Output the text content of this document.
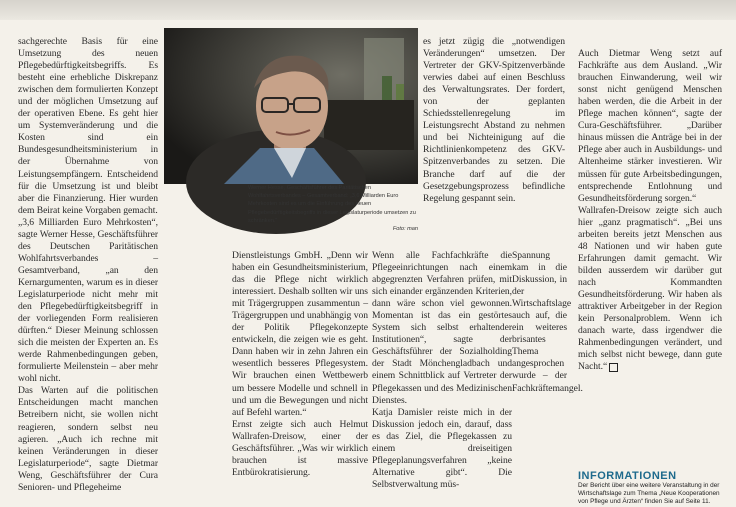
sachgerechte Basis für eine Umsetzung des neuen Pflegebedürftigkeitsbegriffs. Es besteht eine erhebliche Diskrepanz zwischen dem formulierten Konzept und der möglichen Umsetzung auf der operativen Ebene. Es geht hier um Systemveränderung und die Kosten sind ein Bundesgesundheitsministerium in der Übernahme von Leistungsempfängern. Entscheidend für die Umsetzung ist und bleibt aber die Finanzierung. Hier wurden dem Beirat keine Vorgaben gemacht.
„3,6 Milliarden Euro Mehrkosten“, sagte Werner Hesse, Geschäftsführer des Deutschen Paritätischen Wohlfahrtsverbandes – Gesamtverband, „an den Kernargumenten, warum es in dieser Legislaturperiode nicht mehr mit den Pflegebedürftigkeitsbegriff in der vorliegenden Form realisieren dürften.“ Dieser Meinung schlossen sich die meisten der Experten an. Es werde Rahmenbedingungen geben, formulierte Meilenstein – aber mehr wohl nicht.
Das Warten auf die politischen Entscheidungen macht manchen Betreibern nicht, sie wollen nicht reagieren, sondern selbst neu agieren. „Auch ich rechne mit keinen Veränderungen in dieser Legislaturperiode“, sagte Dietmar Weng, Geschäftsführer der Cura Senioren- und Pflegeheime
Werner Hesse, Geschäftsführer des Paritätischen Wohlfahrtsverbandes – Gesamtverband: „3,6 Milliarden Euro Mehrkosten sind es um die Einführung des neuen Pflegebedürftigkeitsbegriffs in dieser Legislaturperiode umsetzen zu schränken.“
Foto: man
es jetzt zügig die „notwendigen Veränderungen“ umsetzen. Der Vertreter der GKV-Spitzenverbände verwies dabei auf einen Beschluss des Verwaltungsrates. Der fordert, von der geplanten Schiedsstellenregelung im Leistungsrecht Abstand zu nehmen und bei Nichteinigung auf die Richtlinienkompetenz des GKV-Spitzenverbandes zu setzen. Die Branche darf auf die der Gesetzgebungsprozess befindliche Regelung gespannt sein.
Dienstleistungs GmbH. „Denn wir haben ein Gesundheitsministerium, das die Pflege nicht wirklich interessiert. Deshalb sollten wir uns mit Trägergruppen zusammentun – Trägergruppen und unabhängig von der Politik Pflegekonzepte entwickeln, die zeigen wie es geht. Dann haben wir in zehn Jahren ein wesentlich besseres Pflegesystem. Wir brauchen einen Wettbewerb um bessere Modelle und schnell in und um die Bewegungen und nicht auf Befehl warten.“
Ernst zeigte sich auch Helmut Wallrafen-Dreisow, einer der Geschäftsführer. „Was wir wirklich brauchen ist massive Entbürokratisierung.
Wenn alle Fachfachkräfte die Pflegeeinrichtungen nach einem abgegrenzten Verfahren prüfen, mit sich einander ergänzenden Kriterien, dann wäre schon viel gewonnen. Momentan ist das ein gestörtes System sich selbst erhaltender Institutionen“, sagte der Geschäftsführer der Sozialholding der Stadt Mönchengladbach und einem Schnittblick auf Vertreter der Pflegekassen und des Medizinischen Dienstes.
Katja Damisler reiste mich in der Diskussion jedoch ein, darauf, dass es das Ziel, die Pflegekassen zu einem dreiseitigen Pflegeplanungsverfahren „keine Alternative gibt“. Die Selbstverwaltung müs-
Spannung kam in die Diskussion, in der Wirtschaftslage auch auf, die ein weiteres brisantes Thema angesprochen wurde – der Fachkräftemangel.

Auch Dietmar Weng setzt auf Fachkräfte aus dem Ausland. „Wir brauchen Einwanderung, weil wir sonst nicht genügend Menschen haben werden, die die Arbeit in der Pflege machen können“, sagte der Cura-Geschäftsführer. „Darüber hinaus müssen die Anträge bei in der Pflege aber auch in Ausbildungs- und Altenheime stärker investieren. Wir müssen für gute Arbeitsbedingungen, entsprechende Entlohnung und Gesundheitsförderung sorgen.“
Wallrafen-Dreisow zeigte sich auch hier „ganz pragmatisch“. „Bei uns arbeiten bereits jetzt Menschen aus 48 Nationen und wir haben gute Erfahrungen damit gemacht. Wir bilden ausserdem wir darüber gut nach Kommandten Gesundheitsförderung. Wir haben als attraktiver Arbeitgeber in der Region kein Personalproblem. Wenn ich danach warte, dass irgendwer die Rahmenbedingungen verändert, und mich selbst nicht bewege, dann gute Nacht.“

INFORMATIONEN
Der Bericht über eine weitere Veranstaltung in der Wirtschaftslage zum Thema „Neue Kooperationen von Pflege und Ärzten“ finden Sie auf Seite 11.
